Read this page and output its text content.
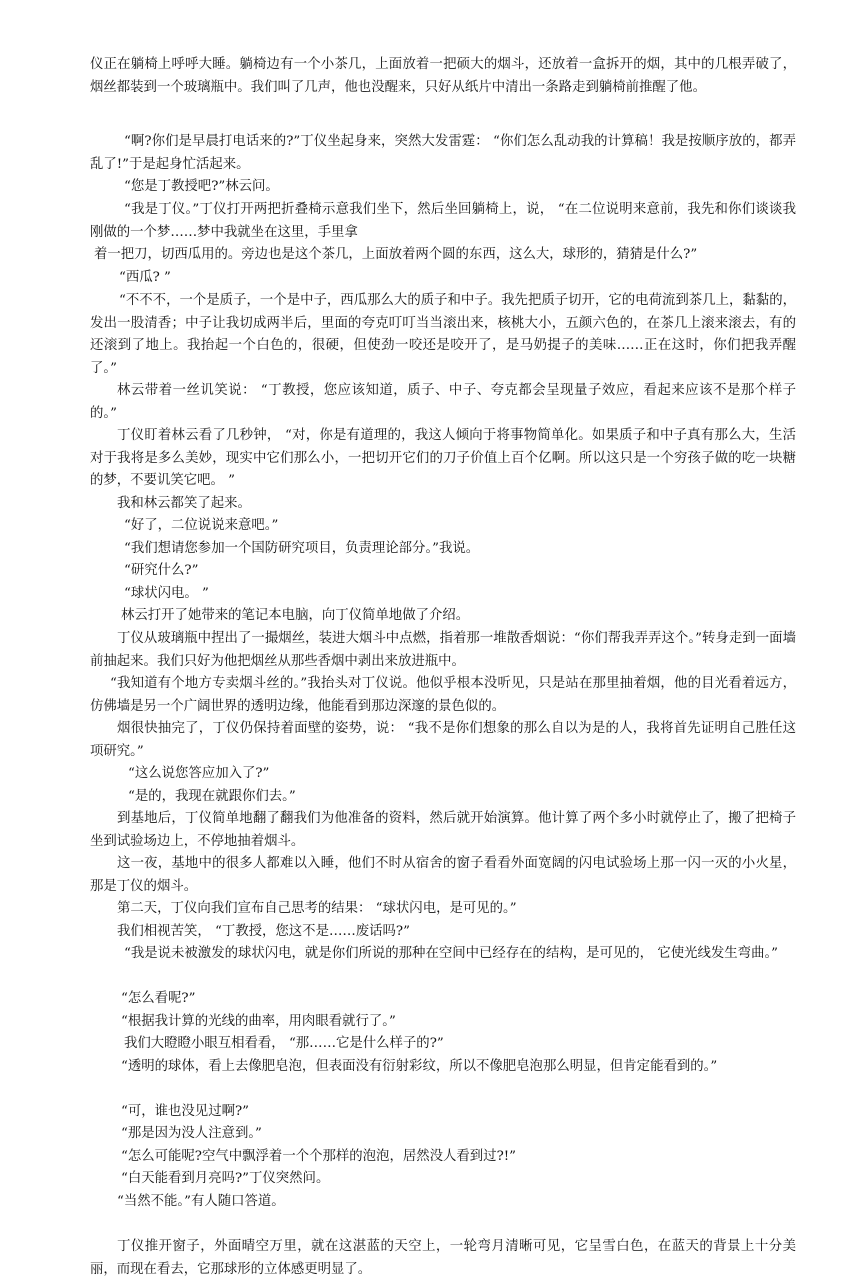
仪正在躺椅上呼呼大睡。躺椅边有一个小茶几，上面放着一把硕大的烟斗，还放着一盒拆开的烟，其中的几根弄破了，烟丝都装到一个玻璃瓶中。我们叫了几声，他也没醒来，只好从纸片中清出一条路走到躺椅前推醒了他。

“啊?你们是早晨打电话来的?”丁仪坐起身来，突然大发雷霆： “你们怎么乱动我的计算稿！我是按顺序放的，都弄乱了!”于是起身忙活起来。

“您是丁教授吧?”林云问。

“我是丁仪。”丁仪打开两把折叠椅示意我们坐下，然后坐回躺椅上，说， “在二位说明来意前，我先和你们谈谈我刚做的一个梦……梦中我就坐在这里，手里拿

着一把刀，切西瓜用的。旁边也是这个茶几，上面放着两个圆的东西，这么大，球形的，猜猜是什么?”

“西瓜? ”

“不不不，一个是质子，一个是中子，西瓜那么大的质子和中子。我先把质子切开，它的电荷流到茶几上，黏黏的，发出一股清香；中子让我切成两半后，里面的夸克叮叮当当滚出来，核桃大小，五颜六色的，在茶几上滚来滚去，有的还滚到了地上。我抬起一个白色的，很硬，但使劲一咬还是咬开了，是马奶提子的美味……正在这时，你们把我弄醒了。”

林云带着一丝讥笑说： “丁教授，您应该知道，质子、中子、夸克都会呈现量子效应，看起来应该不是那个样子的。”

丁仪盯着林云看了几秒钟， “对，你是有道理的，我这人倾向于将事物简单化。如果质子和中子真有那么大，生活对于我将是多么美妙，现实中它们那么小，一把切开它们的刀子价值上百个亿啊。所以这只是一个穷孩子做的吃一块糖的梦，不要讥笑它吧。 ”

我和林云都笑了起来。

“好了，二位说说来意吧。”

“我们想请您参加一个国防研究项目，负责理论部分。”我说。

“研究什么?”

“球状闪电。 ”

林云打开了她带来的笔记本电脑，向丁仪简单地做了介绍。

丁仪从玻璃瓶中捏出了一撮烟丝，装进大烟斗中点燃，指着那一堆散香烟说：“你们帮我弄弄这个。”转身走到一面墙前抽起来。我们只好为他把烟丝从那些香烟中剥出来放进瓶中。

“我知道有个地方专卖烟斗丝的。”我抬头对丁仪说。他似乎根本没听见，只是站在那里抽着烟，他的目光看着远方，仿佛墙是另一个广阔世界的透明边缘，他能看到那边深邃的景色似的。

烟很快抽完了，丁仪仍保持着面壁的姿势，说： “我不是你们想象的那么自以为是的人，我将首先证明自己胜任这项研究。”

“这么说您答应加入了?”

“是的，我现在就跟你们去。”

到基地后，丁仪简单地翻了翻我们为他准备的资料，然后就开始演算。他计算了两个多小时就停止了，搬了把椅子坐到试验场边上，不停地抽着烟斗。

这一夜，基地中的很多人都难以入睡，他们不时从宿舍的窗子看看外面宽阔的闪电试验场上那一闪一灭的小火星，那是丁仪的烟斗。

第二天，丁仪向我们宣布自己思考的结果： “球状闪电，是可见的。”

我们相视苦笑， “丁教授，您这不是……废话吗?”

“我是说未被激发的球状闪电，就是你们所说的那种在空间中已经存在的结构，是可见的， 它使光线发生弯曲。”

“怎么看呢?”

“根据我计算的光线的曲率，用肉眼看就行了。”

我们大瞪瞪小眼互相看看， “那……它是什么样子的?”

“透明的球体，看上去像肥皂泡，但表面没有衍射彩纹，所以不像肥皂泡那么明显，但肯定能看到的。”

“可，谁也没见过啊?”

“那是因为没人注意到。”

“怎么可能呢?空气中飘浮着一个个那样的泡泡，居然没人看到过?!”

“白天能看到月亮吗?”丁仪突然问。

“当然不能。”有人随口答道。

丁仪推开窗子，外面晴空万里，就在这湛蓝的天空上，一轮弯月清晰可见，它呈雪白色，在蓝天的背景上十分美丽，而现在看去，它那球形的立体感更明显了。
